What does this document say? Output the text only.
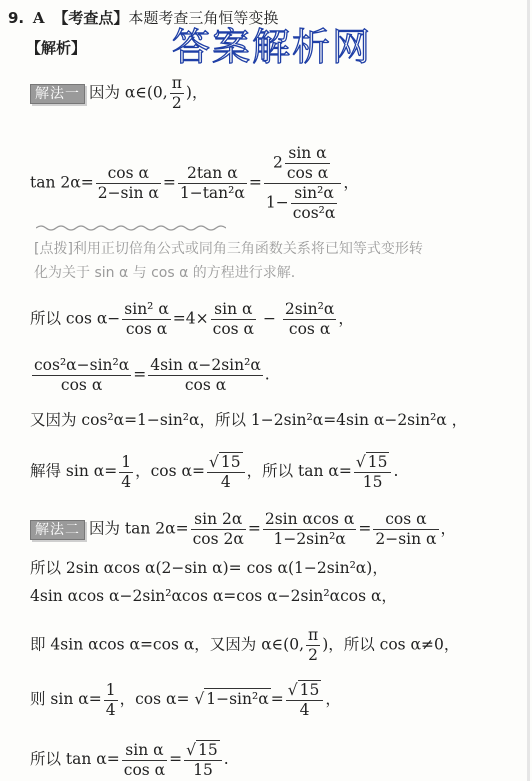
9. A 【考查点】本题考查三角恒等变换
答案解析网
【解析】
解法一 因为 α∈(0, $\frac{\pi}{2}$ )，
$\tan 2\alpha= \frac{\text{cos α}}{\text{2−sin α}} = \frac{\text{2tan α}}{\text{1−tan²α}} = \frac{2 \frac{\text{sin α}}{\text{cos α}}}{1- \frac{\text{sin²α}}{\text{cos²α}}}$ ，
[点拨]利用正切倍角公式或同角三角函数关系将已知等式变形转
化为关于 sin α 与 cos α 的方程进行求解.
所以 $\cos \alpha- \frac{\text{sin² α}}{\text{cos α}} =4\times \frac{\text{sin α}}{\text{cos α}} - \frac{\text{2sin²α}}{\text{cos α}}$ ，
$\frac{\text{cos²α−sin²α}}{\text{cos α}} = \frac{\text{4sin α−2sin²α}}{\text{cos α}}$ .
又因为 cos²α=1−sin²α，所以 1−2sin²α=4sin α−2sin²α ，
解得 $\sin \alpha= \frac{1}{4}$ ，$\cos \alpha= \frac{√ 15}{4}$ ，所以 $\tan \alpha= \frac{√ 15}{15}$ .
解法二 因为 $\tan 2\alpha= \frac{\sin 2\alpha}{\cos 2\alpha} = \frac{\text{2sin αcos α}}{\text{1−2sin²α}} = \frac{\text{cos α}}{\text{2−sin α}}$ ，
所以 2sin αcos α(2−sin α)= cos α(1−2sin²α)，
4sin αcos α−2sin²αcos α=cos α−2sin²αcos α，
即 4sin αcos α=cos α，又因为 α∈(0, $\frac{\pi}{2}$ )，所以 cos α≠0，
则 $\sin \alpha= \frac{1}{4}$ ，cos α= √ $1-\sin^2\alpha = \frac{√ 15}{4}$ ，
所以 $\tan \alpha= \frac{\text{sin α}}{\text{cos α}} = \frac{√ 15}{15}$ .
